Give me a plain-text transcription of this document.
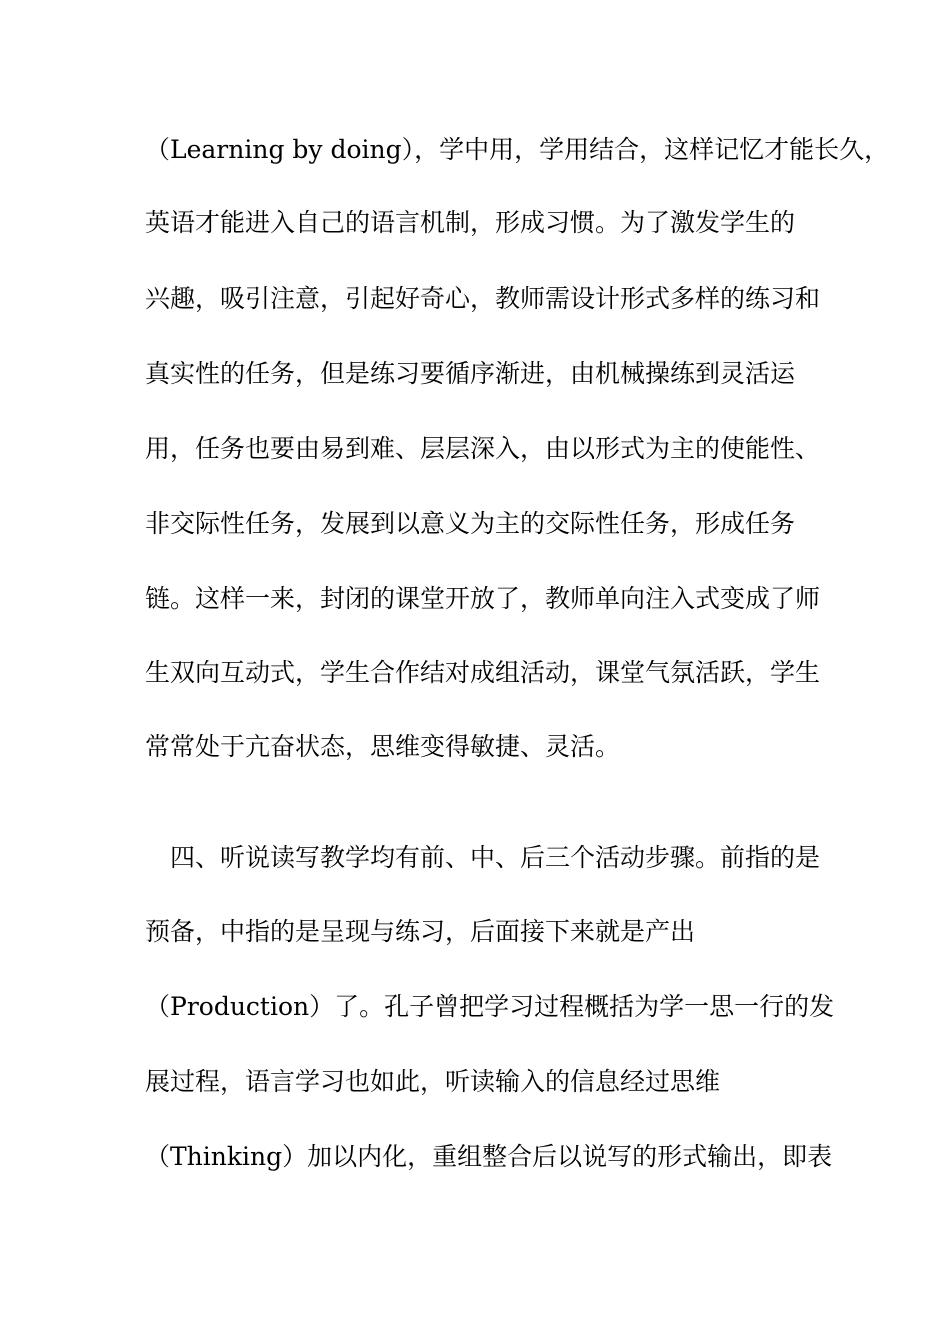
（Learning by doing），学中用，学用结合，这样记忆才能长久，
英语才能进入自己的语言机制，形成习惯。为了激发学生的
兴趣，吸引注意，引起好奇心，教师需设计形式多样的练习和
真实性的任务，但是练习要循序渐进，由机械操练到灵活运
用，任务也要由易到难、层层深入，由以形式为主的使能性、
非交际性任务，发展到以意义为主的交际性任务，形成任务
链。这样一来，封闭的课堂开放了，教师单向注入式变成了师
生双向互动式，学生合作结对成组活动，课堂气氛活跃，学生
常常处于亢奋状态，思维变得敏捷、灵活。
　四、听说读写教学均有前、中、后三个活动步骤。前指的是
预备，中指的是呈现与练习，后面接下来就是产出
（Production）了。孔子曾把学习过程概括为学一思一行的发
展过程，语言学习也如此，听读输入的信息经过思维
（Thinking）加以内化，重组整合后以说写的形式输出，即表
